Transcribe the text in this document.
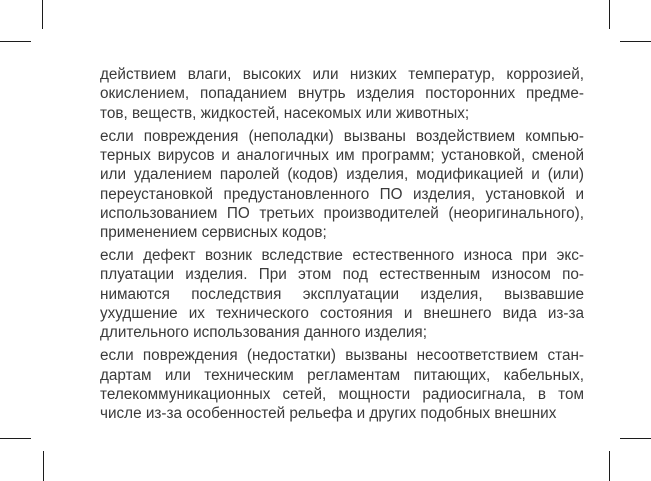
действием влаги, высоких или низких температур, коррозией,
окислением, попаданием внутрь изделия посторонних предме-
тов, веществ, жидкостей, насекомых или животных;
если повреждения (неполадки) вызваны воздействием компью-
терных вирусов и аналогичных им программ; установкой, сменой
или удалением паролей (кодов) изделия, модификацией и (или)
переустановкой предустановленного ПО изделия, установкой и
использованием ПО третьих производителей (неоригинального),
применением сервисных кодов;
если дефект возник вследствие естественного износа при экс-
плуатации изделия. При этом под естественным износом по-
нимаются последствия эксплуатации изделия, вызвавшие
ухудшение их технического состояния и внешнего вида из-за
длительного использования данного изделия;
если повреждения (недостатки) вызваны несоответствием стан-
дартам или техническим регламентам питающих, кабельных,
телекоммуникационных сетей, мощности радиосигнала, в том
числе из-за особенностей рельефа и других подобных внешних
